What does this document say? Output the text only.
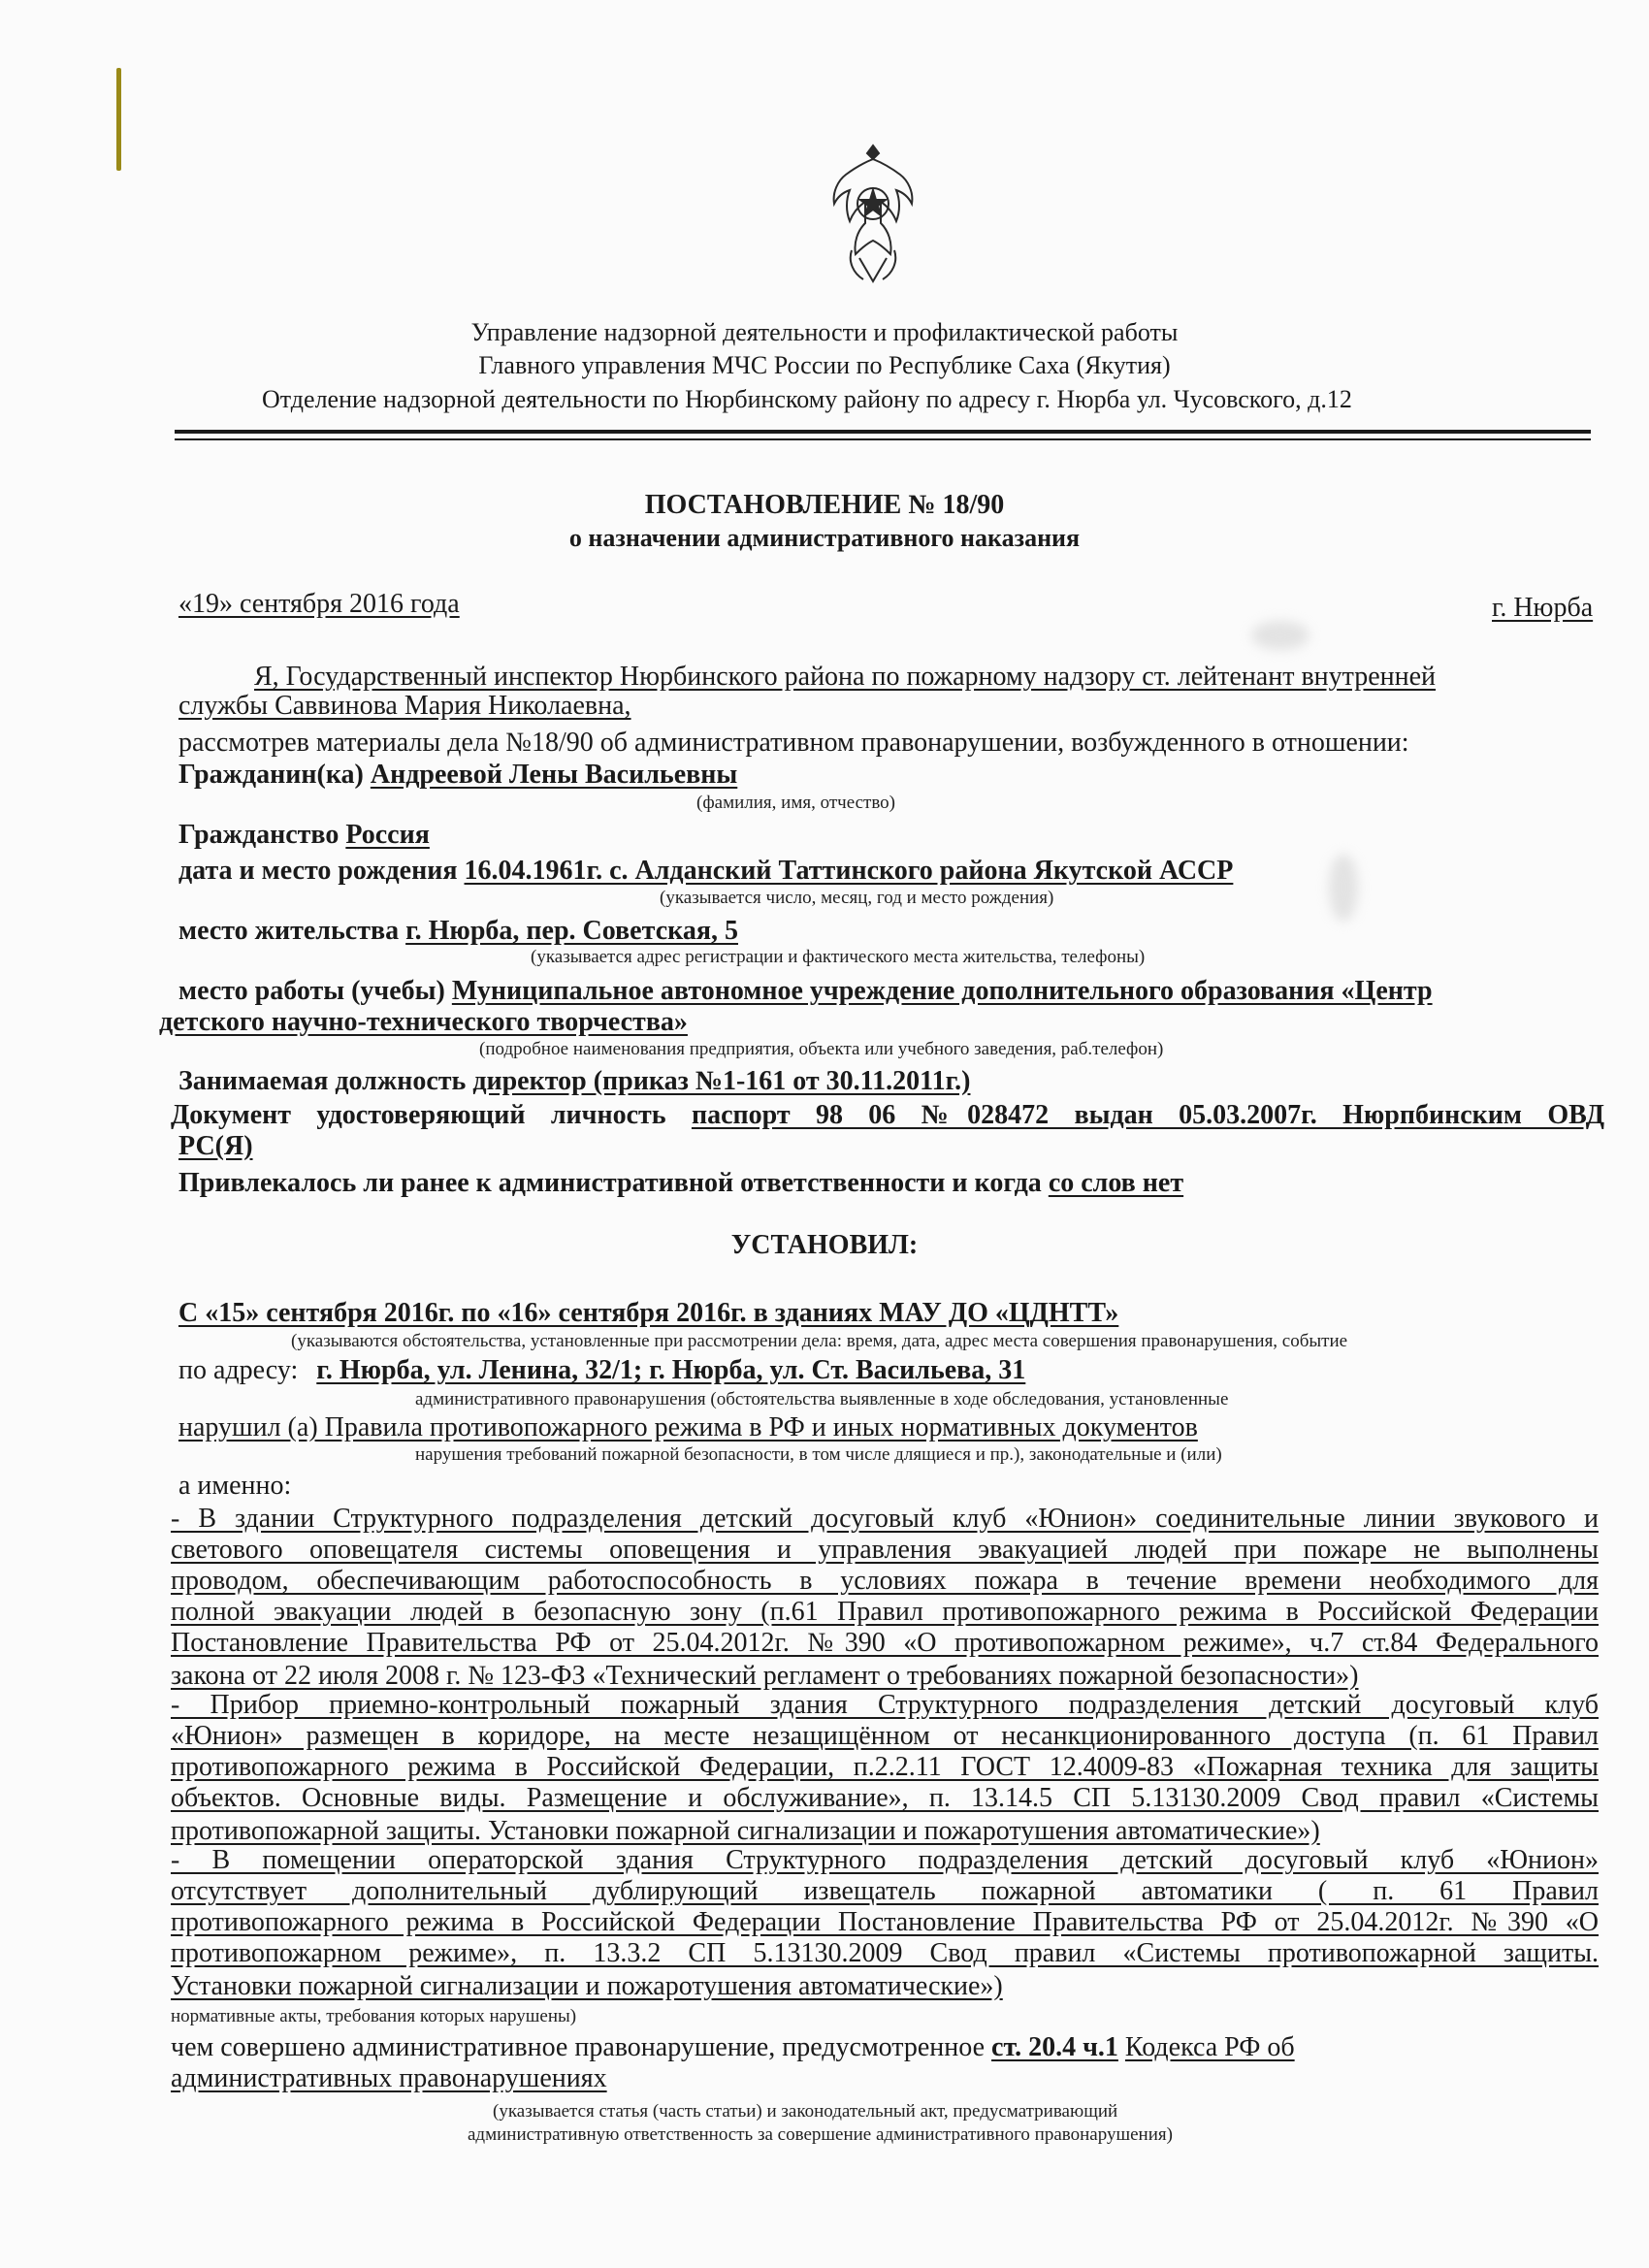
Управление надзорной деятельности и профилактической работы
Главного управления МЧС России по Республике Саха (Якутия)
Отделение надзорной деятельности по Нюрбинскому району по адресу г. Нюрба ул. Чусовского, д.12
ПОСТАНОВЛЕНИЕ № 18/90
о назначении административного наказания
«19» сентября 2016 года	г. Нюрба
Я, Государственный инспектор Нюрбинского района по пожарному надзору ст. лейтенант внутренней
службы Саввинова Мария Николаевна,
рассмотрев материалы дела №18/90 об административном правонарушении, возбужденного в отношении:
Гражданин(ка) Андреевой Лены Васильевны
(фамилия, имя, отчество)
Гражданство Россия
дата и место рождения 16.04.1961г. с. Алданский Таттинского района Якутской АССР
(указывается число, месяц, год и место рождения)
место жительства г. Нюрба, пер. Советская, 5
(указывается адрес регистрации и фактического места жительства, телефоны)
место работы (учебы) Муниципальное автономное учреждение дополнительного образования «Центр
детского научно-технического творчества»
(подробное наименования предприятия, объекта или учебного заведения, раб.телефон)
Занимаемая должность директор (приказ №1-161 от 30.11.2011г.)
Документ удостоверяющий личность паспорт 98 06 №028472 выдан 05.03.2007г. Нюрпбинским ОВД
РС(Я)
Привлекалось ли ранее к административной ответственности и когда со слов нет
УСТАНОВИЛ:
С «15» сентября 2016г. по «16» сентября 2016г. в зданиях МАУ ДО «ЦДНТТ»
(указываются обстоятельства, установленные при рассмотрении дела: время, дата, адрес места совершения правонарушения, событие
по адресу: г. Нюрба, ул. Ленина, 32/1; г. Нюрба, ул. Ст. Васильева, 31
административного правонарушения (обстоятельства выявленные в ходе обследования, установленные
нарушил (а) Правила противопожарного режима в РФ и иных нормативных документов
нарушения требований пожарной безопасности, в том числе длящиеся и пр.), законодательные и (или)
а именно:
- В здании Структурного подразделения детский досуговый клуб «Юнион» соединительные линии звукового и
светового оповещателя системы оповещения и управления эвакуацией людей при пожаре не выполнены
проводом, обеспечивающим работоспособность в условиях пожара в течение времени необходимого для
полной эвакуации людей в безопасную зону (п.61 Правил противопожарного режима в Российской Федерации
Постановление Правительства РФ от 25.04.2012г. №390 «О противопожарном режиме», ч.7 ст.84 Федерального
закона от 22 июля 2008 г. № 123-ФЗ «Технический регламент о требованиях пожарной безопасности»)
- Прибор приемно-контрольный пожарный здания Структурного подразделения детский досуговый клуб
«Юнион» размещен в коридоре, на месте незащищённом от несанкционированного доступа (п. 61 Правил
противопожарного режима в Российской Федерации, п.2.2.11 ГОСТ 12.4009-83 «Пожарная техника для защиты
объектов. Основные виды. Размещение и обслуживание», п. 13.14.5 СП 5.13130.2009 Свод правил «Системы
противопожарной защиты. Установки пожарной сигнализации и пожаротушения автоматические»)
- В помещении операторской здания Структурного подразделения детский досуговый клуб «Юнион»
отсутствует дополнительный дублирующий извещатель пожарной автоматики ( п. 61 Правил
противопожарного режима в Российской Федерации Постановление Правительства РФ от 25.04.2012г. №390 «О
противопожарном режиме», п. 13.3.2 СП 5.13130.2009 Свод правил «Системы противопожарной защиты.
Установки пожарной сигнализации и пожаротушения автоматические»)
нормативные акты, требования которых нарушены)
чем совершено административное правонарушение, предусмотренное ст. 20.4 ч.1 Кодекса РФ об
административных правонарушениях
(указывается статья (часть статьи) и законодательный акт, предусматривающий
административную ответственность за совершение административного правонарушения)
